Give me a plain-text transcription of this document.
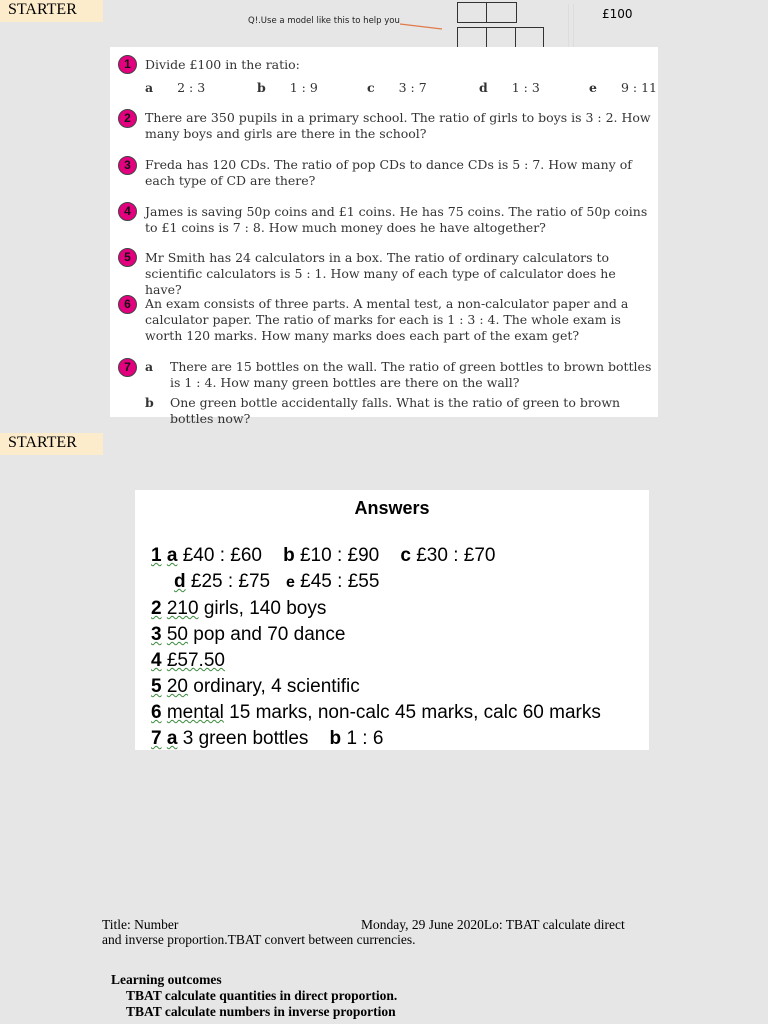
STARTER
Q!.Use a model like this to help you	£100
1	Divide £100 in the ratio:
a 2 : 3	b 1 : 9	c 3 : 7	d 1 : 3	e 9 : 11
2	There are 350 pupils in a primary school. The ratio of girls to boys is 3 : 2. How many boys and girls are there in the school?
3	Freda has 120 CDs. The ratio of pop CDs to dance CDs is 5 : 7. How many of each type of CD are there?
4	James is saving 50p coins and £1 coins. He has 75 coins. The ratio of 50p coins to £1 coins is 7 : 8. How much money does he have altogether?
5	Mr Smith has 24 calculators in a box. The ratio of ordinary calculators to scientific calculators is 5 : 1. How many of each type of calculator does he have?
6	An exam consists of three parts. A mental test, a non-calculator paper and a calculator paper. The ratio of marks for each is 1 : 3 : 4. The whole exam is worth 120 marks. How many marks does each part of the exam get?
7	a There are 15 bottles on the wall. The ratio of green bottles to brown bottles is 1 : 4. How many green bottles are there on the wall?
b One green bottle accidentally falls. What is the ratio of green to brown bottles now?
STARTER
Answers
1 a £40 : £60 b £10 : £90 c £30 : £70
d £25 : £75 e £45 : £55
2 210 girls, 140 boys
3 50 pop and 70 dance
4 £57.50
5 20 ordinary, 4 scientific
6 mental 15 marks, non-calc 45 marks, calc 60 marks
7 a 3 green bottles b 1 : 6
Title: Number	Monday, 29 June 2020Lo: TBAT calculate direct
and inverse proportion.TBAT convert between currencies.
Learning outcomes
TBAT calculate quantities in direct proportion.
TBAT calculate numbers in inverse proportion
